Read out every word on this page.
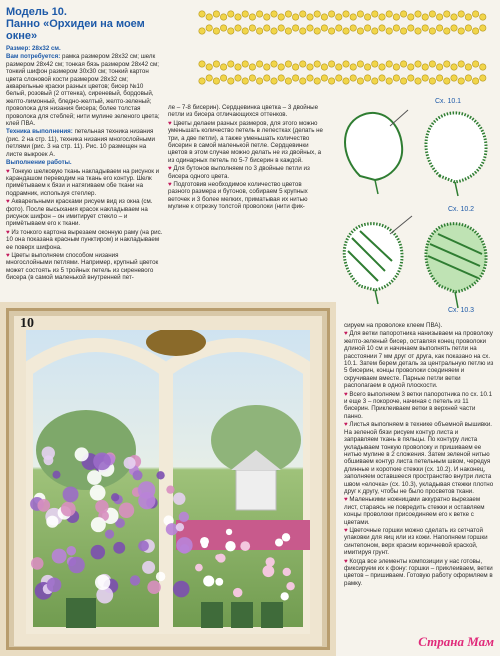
Модель 10.
Панно «Орхидеи на моем окне»

Размер: 28x32 см.

Вам потребуется: рамка размером 28x32 см; шелк размером 28x42 см; тонкая бязь размером 28x42 см; тонкий шифон размером 30x30 см; тонкий картон цвета слоновой кости размером 28x32 см; акварельные краски разных цветов; бисер №10 белый, розовый (2 оттенка), сиреневый, бордовый, желто-лимонный, бледно-желтый, желто-зеленый; проволока для низания бисера; более толстая проволока для стеблей; нити мулине зеленого цвета; клей ПВА.

Техника выполнения: петельная техника низания (рис. 2 на стр. 11), техника низания многослойными петлями (рис. 3 на стр. 11). Рис. 10 размещен на листе выкроек А.

Выполнение работы.

♥ Тонкую шелковую ткань накладываем на рисунок и карандашом переводим на ткань его контур. Шелк примётываем к бязи и натягиваем обе ткани на подрамник, используя степлер.

♥ Акварельными красками рисуем вид из окна (см. фото). После высыхания красок накладываем на рисунок шифон – он имитирует стекло – и примётываем его к ткани.

♥ Из тонкого картона вырезаем оконную раму (на рис. 10 она показана красным пунктиром) и накладываем ее поверх шифона.

♥ Цветы выполняем способом низания многослойными петлями. Например, крупный цветок может состоять из 5 тройных петель из сиреневого бисера (в самой маленькой внутренней пет-

ле – 7-8 бисерин). Сердцевинка цветка – 3 двойные петли из бисера отличающихся оттенков.

♥ Цветы делаем разных размеров, для этого можно уменьшать количество петель в лепестках (делать не три, а две петли), а также уменьшать количество бисерин в самой маленькой петле. Сердцевинки цветов в этом случае можно делать не из двойных, а из одинарных петель по 5-7 бисерин в каждой.

♥ Для бутонов выполняем по 3 двойные петли из бисера одного цвета.

♥ Подготовив необходимое количество цветов разного размера и бутонов, собираем 5 крупных веточек и 3 более мелких, приматывая их нитью мулине к отрезку толстой проволоки (нити фик-

Сх. 10.1
Сх. 10.2
Сх. 10.3

сируем на проволоке клеем ПВА).

♥ Для ветки папоротника нанизываем на проволоку желто-зеленый бисер, оставляя конец проволоки длиной 10 см и начинаем выполнять петли на расстоянии 7 мм друг от друга, как показано на сх. 10.1. Затем берем деталь за центральную петлю из 5 бисерин, концы проволоки соединяем и скручиваем вместе. Парные петли ветки располагаем в одной плоскости.

♥ Всего выполняем 3 ветки папоротника по сх. 10.1 и еще 3 – покороче, начиная с петель из 11 бисерин. Приклеиваем ветки в верхней части панно.

♥ Листья выполняем в технике объемной вышивки. На зеленой бязи рисуем контур листа и заправляем ткань в пяльцы. По контуру листа укладываем тонкую проволоку и пришиваем ее нитью мулине в 2 сложения. Затем зеленой нитью обшиваем контур листа петельным швом, чередуя длинные и короткие стежки (сх. 10.2). И наконец, заполняем оставшееся пространство внутри листа швом «елочка» (сх. 10.3), укладывая стежки плотно друг к другу, чтобы не было просветов ткани.

♥ Маленькими ножницами аккуратно вырезаем лист, стараясь не повредить стежки и оставляем концы проволоки приcоединяем его к ветке с цветами.

♥ Цветочные горшки можно сделать из сетчатой упаковки для яиц или из кожи. Наполняем горшки синтепоном, верх красим коричневой краской, имитируя грунт.

♥ Когда все элементы композиции у нас готовы, фиксируем их к фону: горшки – приклеиваем, ветки цветов – пришиваем. Готовую работу оформляем в рамку.

10
Страна Мам
